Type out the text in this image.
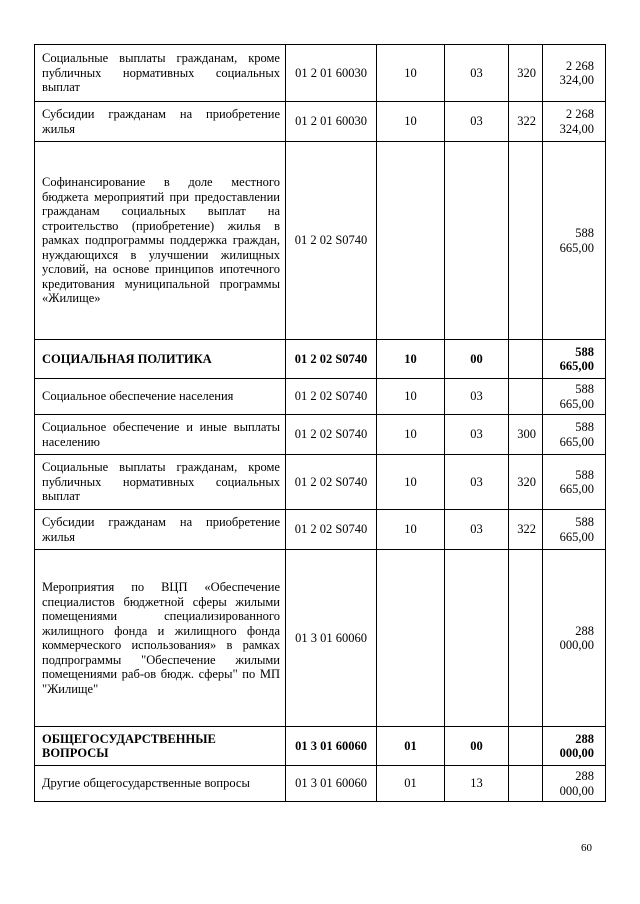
Социальные выплаты гражданам, кроме публичных нормативных социальных выплат	01 2 01 60030	10	03	320	2 268 324,00
Субсидии гражданам на приобретение жилья	01 2 01 60030	10	03	322	2 268 324,00
Софинансирование в доле местного бюджета мероприятий при предоставлении гражданам социальных выплат на строительство (приобретение) жилья в рамках подпрограммы поддержка граждан, нуждающихся в улучшении жилищных условий, на основе принципов ипотечного кредитования муниципальной программы «Жилище»	01 2 02 S0740				588 665,00
СОЦИАЛЬНАЯ ПОЛИТИКА	01 2 02 S0740	10	00		588 665,00
Социальное обеспечение населения	01 2 02 S0740	10	03		588 665,00
Социальное обеспечение и иные выплаты населению	01 2 02 S0740	10	03	300	588 665,00
Социальные выплаты гражданам, кроме публичных нормативных социальных выплат	01 2 02 S0740	10	03	320	588 665,00
Субсидии гражданам на приобретение жилья	01 2 02 S0740	10	03	322	588 665,00
Мероприятия по ВЦП «Обеспечение специалистов бюджетной сферы жилыми помещениями специализированного жилищного фонда и жилищного фонда коммерческого использования» в рамках подпрограммы "Обеспечение жилыми помещениями раб-ов бюдж. сферы" по МП "Жилище"	01 3 01 60060				288 000,00
ОБЩЕГОСУДАРСТВЕННЫЕ ВОПРОСЫ	01 3 01 60060	01	00		288 000,00
Другие общегосударственные вопросы	01 3 01 60060	01	13		288 000,00
60
